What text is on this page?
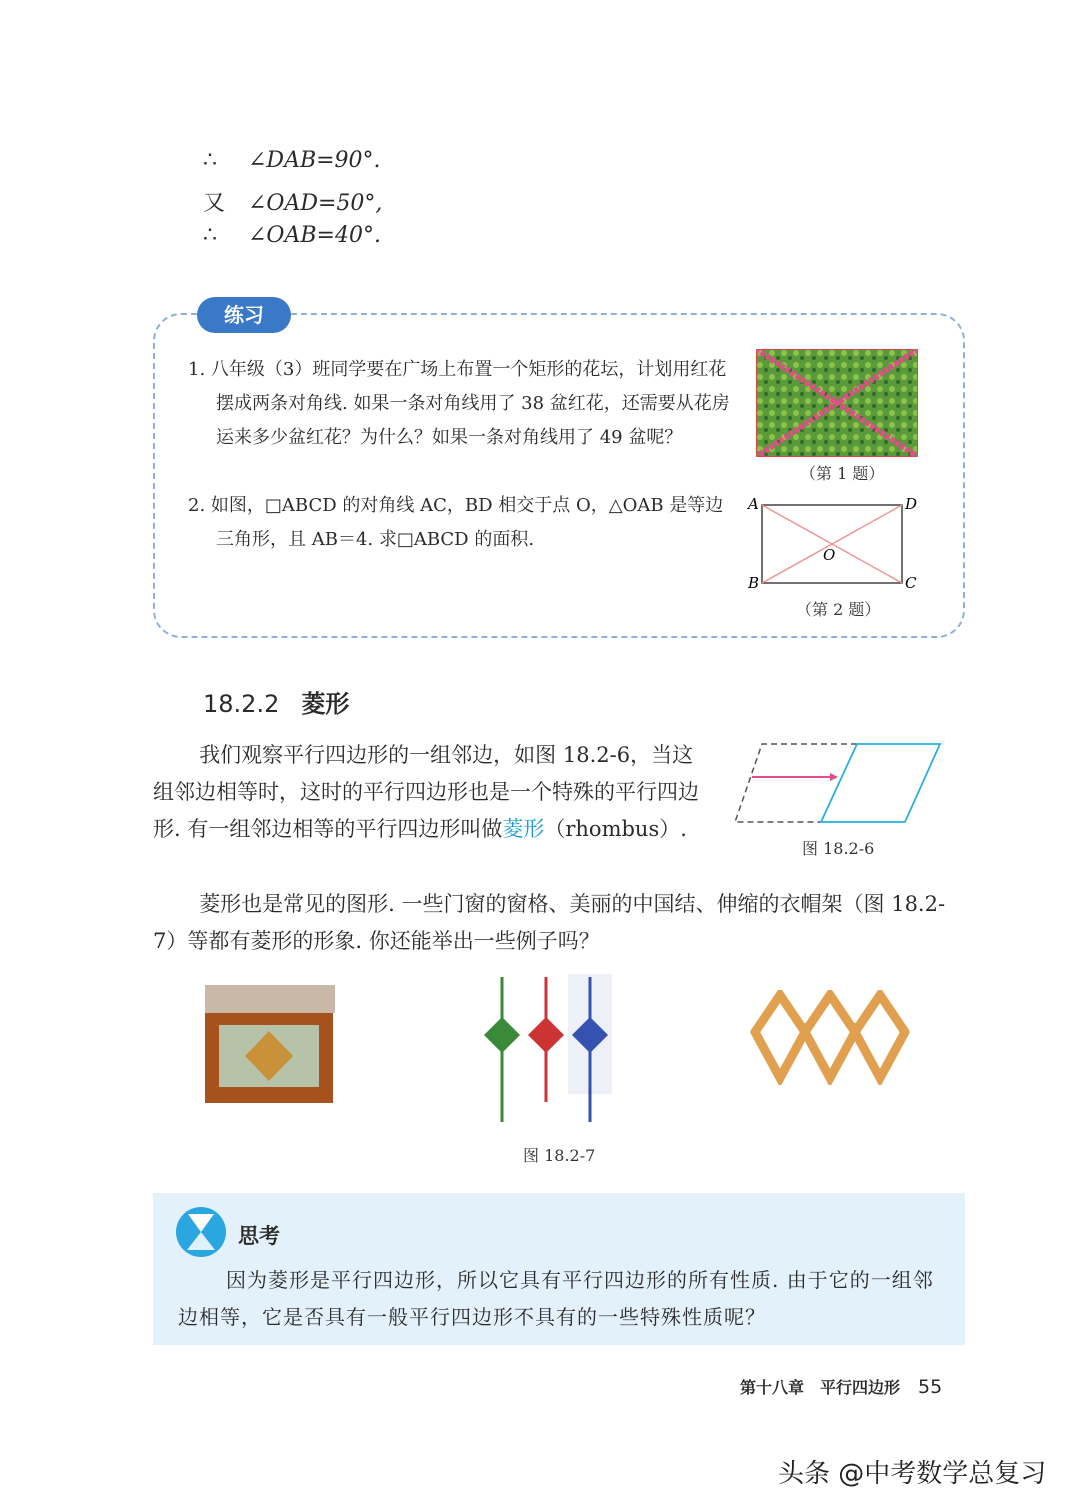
∴ ∠DAB=90°.
又 ∠OAD=50°,
∴ ∠OAB=40°.
练习
1. 八年级（3）班同学要在广场上布置一个矩形的花坛，计划用红花摆成两条对角线. 如果一条对角线用了 38 盆红花，还需要从花房运来多少盆红花？为什么？如果一条对角线用了 49 盆呢？
2. 如图，□ABCD 的对角线 AC，BD 相交于点 O，△OAB 是等边三角形，且 AB＝4. 求□ABCD 的面积.
（第 1 题）
A
B	C
D
O
（第 2 题）
18.2.2 菱形
我们观察平行四边形的一组邻边，如图 18.2-6，当这组邻边相等时，这时的平行四边形也是一个特殊的平行四边形. 有一组邻边相等的平行四边形叫做菱形（rhombus）.
图 18.2-6
菱形也是常见的图形. 一些门窗的窗格、美丽的中国结、伸缩的衣帽架（图 18.2-7）等都有菱形的形象. 你还能举出一些例子吗？
图 18.2-7
思考
因为菱形是平行四边形，所以它具有平行四边形的所有性质. 由于它的一组邻边相等，它是否具有一般平行四边形不具有的一些特殊性质呢？
第十八章　平行四边形 55
头条 @中考数学总复习
